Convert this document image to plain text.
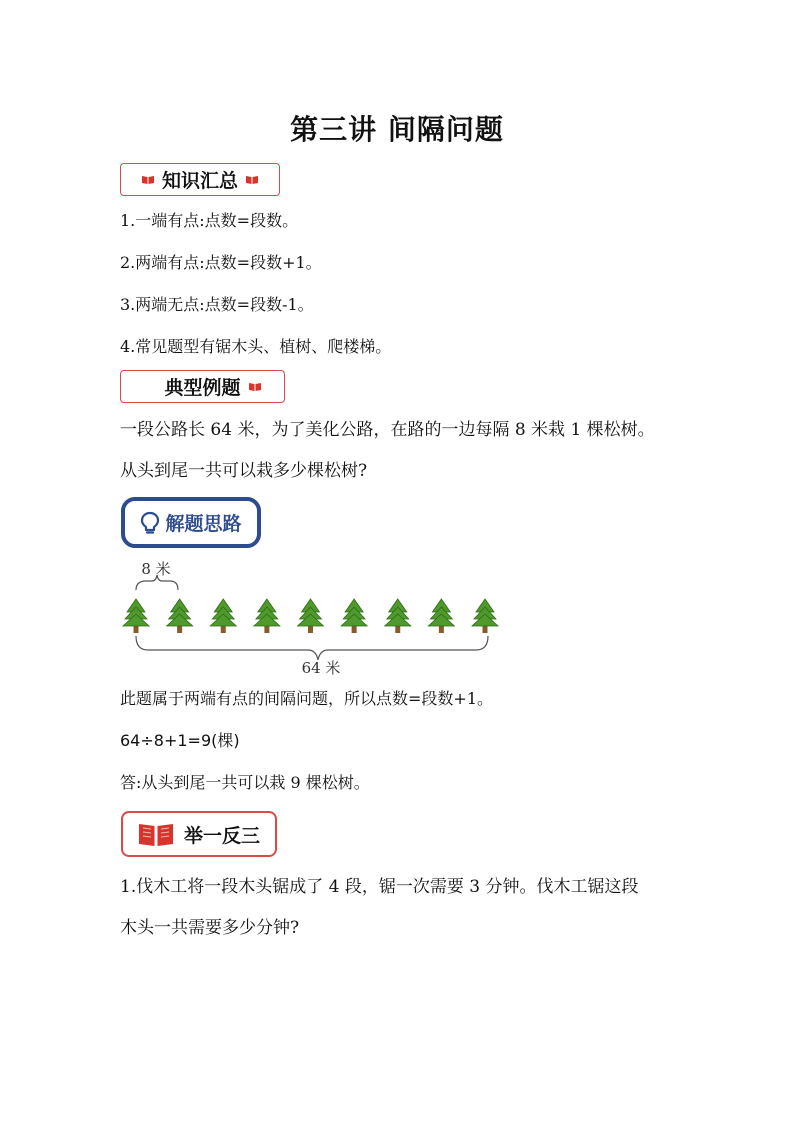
第三讲 间隔问题
知识汇总
1.一端有点:点数=段数。
2.两端有点:点数=段数+1。
3.两端无点:点数=段数-1。
4.常见题型有锯木头、植树、爬楼梯。
典型例题
一段公路长 64 米，为了美化公路，在路的一边每隔 8 米栽 1 棵松树。
从头到尾一共可以栽多少棵松树?
解题思路
8 米
64 米
此题属于两端有点的间隔问题，所以点数=段数+1。
64÷8+1=9(棵)
答:从头到尾一共可以栽 9 棵松树。
举一反三
1.伐木工将一段木头锯成了 4 段，锯一次需要 3 分钟。伐木工锯这段
木头一共需要多少分钟?
